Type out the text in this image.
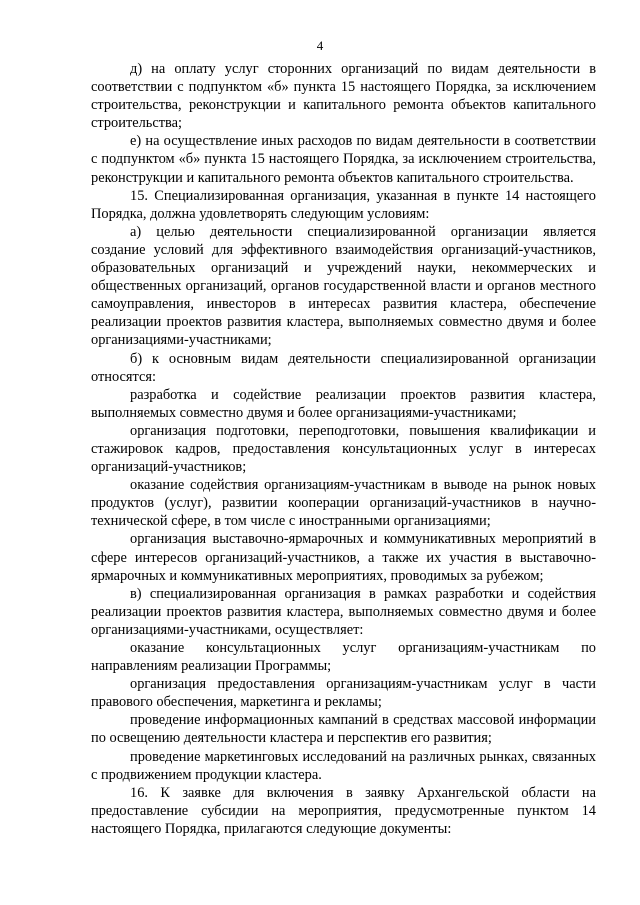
4

д) на оплату услуг сторонних организаций по видам деятельности в соответствии с подпунктом «б» пункта 15 настоящего Порядка, за исключением строительства, реконструкции и капитального ремонта объектов капитального строительства;

е) на осуществление иных расходов по видам деятельности в соответствии с подпунктом «б» пункта 15 настоящего Порядка, за исключением строительства, реконструкции и капитального ремонта объектов капитального строительства.

15. Специализированная организация, указанная в пункте 14 настоящего Порядка, должна удовлетворять следующим условиям:

а) целью деятельности специализированной организации является создание условий для эффективного взаимодействия организаций-участников, образовательных организаций и учреждений науки, некоммерческих и общественных организаций, органов государственной власти и органов местного самоуправления, инвесторов в интересах развития кластера, обеспечение реализации проектов развития кластера, выполняемых совместно двумя и более организациями-участниками;

б) к основным видам деятельности специализированной организации относятся:

разработка и содействие реализации проектов развития кластера, выполняемых совместно двумя и более организациями-участниками;

организация подготовки, переподготовки, повышения квалификации и стажировок кадров, предоставления консультационных услуг в интересах организаций-участников;

оказание содействия организациям-участникам в выводе на рынок новых продуктов (услуг), развитии кооперации организаций-участников в научно-технической сфере, в том числе с иностранными организациями;

организация выставочно-ярмарочных и коммуникативных мероприятий в сфере интересов организаций-участников, а также их участия в выставочно-ярмарочных и коммуникативных мероприятиях, проводимых за рубежом;

в) специализированная организация в рамках разработки и содействия реализации проектов развития кластера, выполняемых совместно двумя и более организациями-участниками, осуществляет:

оказание консультационных услуг организациям-участникам по направлениям реализации Программы;

организация предоставления организациям-участникам услуг в части правового обеспечения, маркетинга и рекламы;

проведение информационных кампаний в средствах массовой информации по освещению деятельности кластера и перспектив его развития;

проведение маркетинговых исследований на различных рынках, связанных с продвижением продукции кластера.

16. К заявке для включения в заявку Архангельской области на предоставление субсидии на мероприятия, предусмотренные пунктом 14 настоящего Порядка, прилагаются следующие документы:
